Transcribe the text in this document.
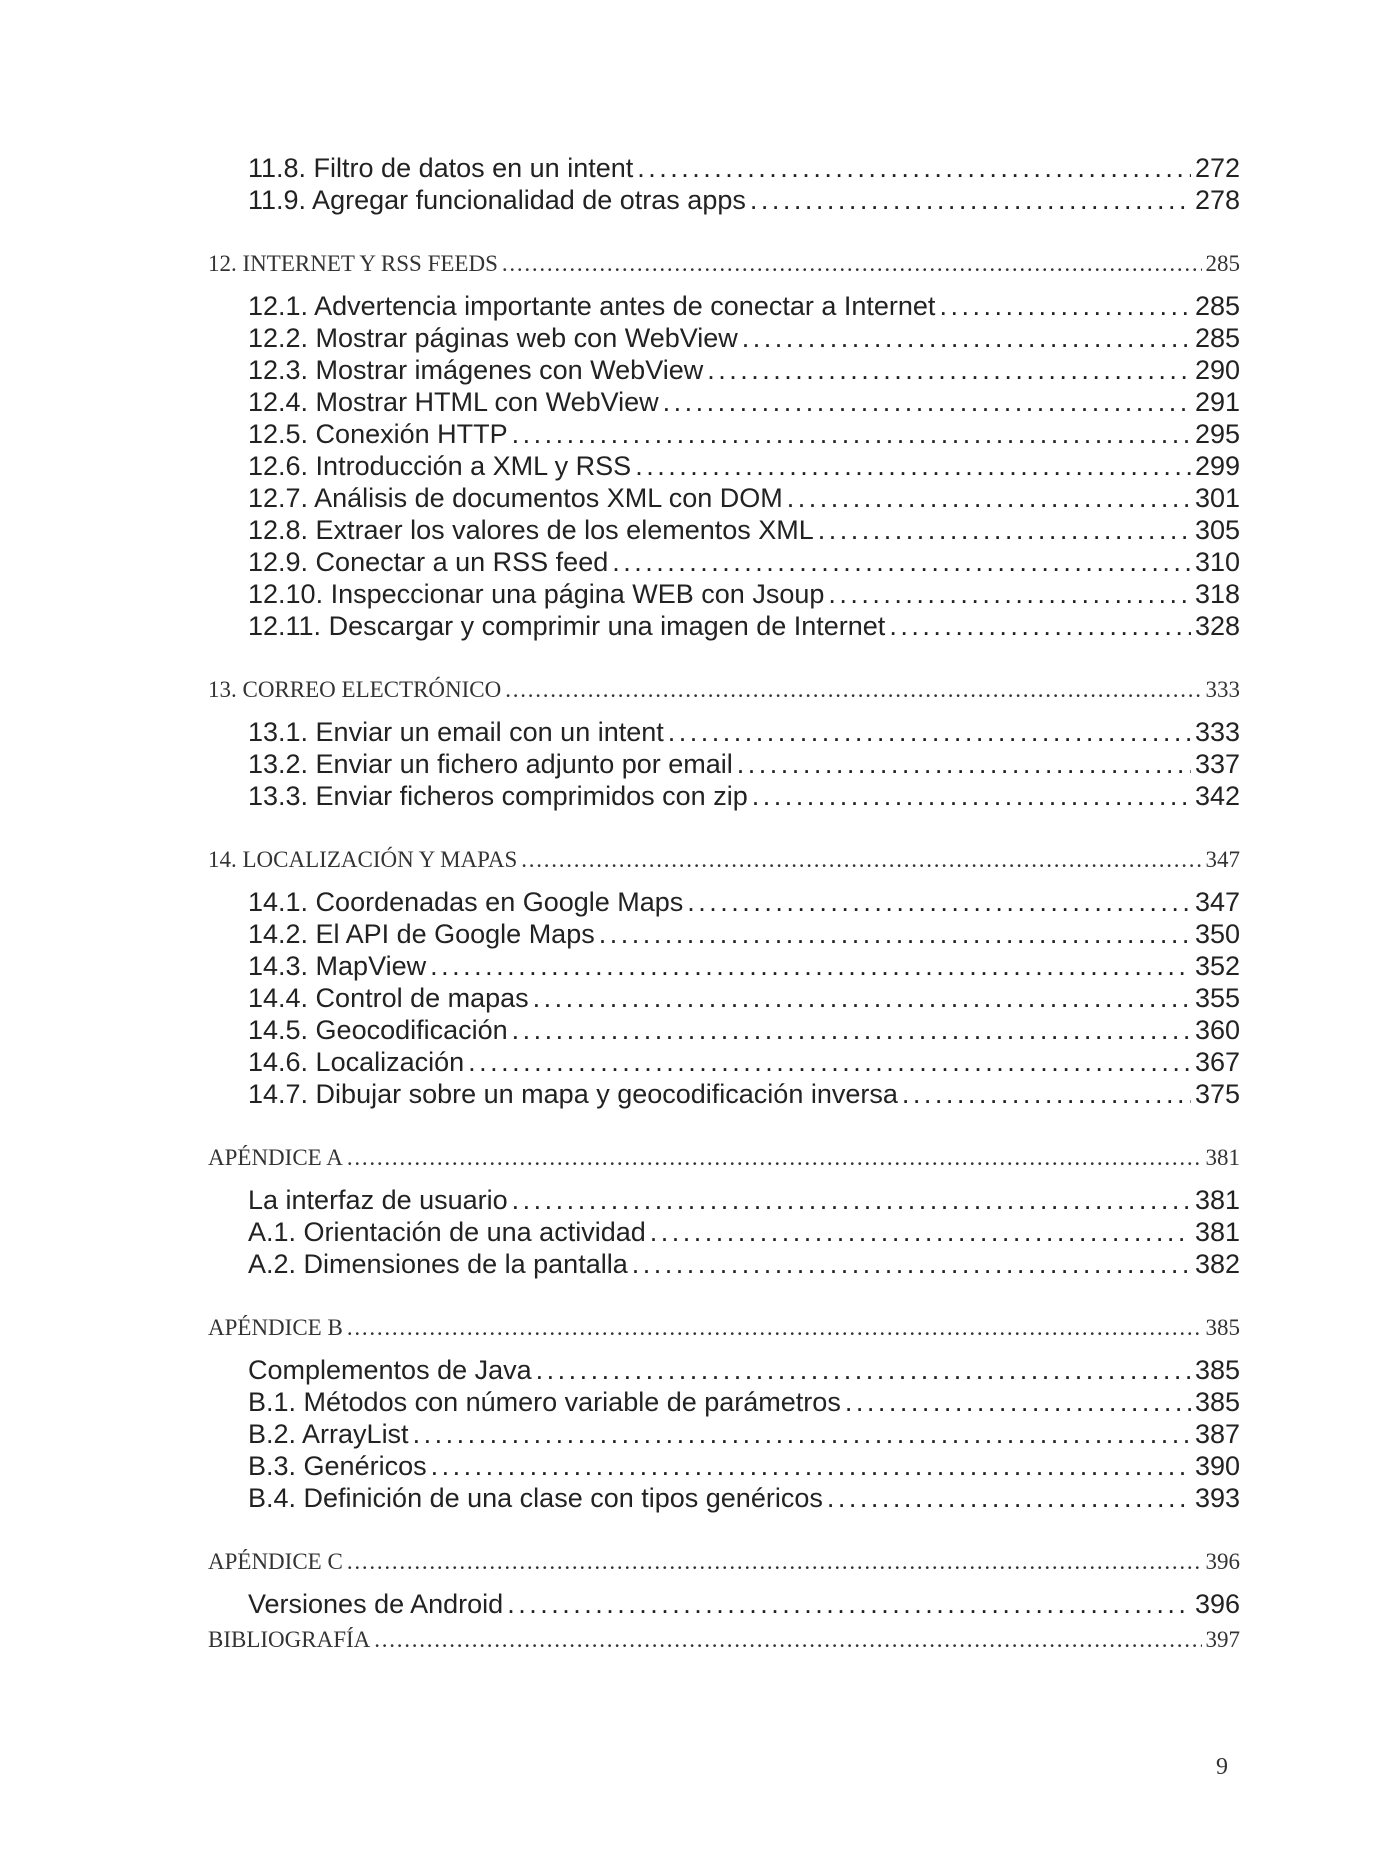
11.8. Filtro de datos en un intent . . .	272
11.9. Agregar funcionalidad de otras apps . . .	278
12. INTERNET Y RSS FEEDS . . .	285
12.1. Advertencia importante antes de conectar a Internet . . .	285
12.2. Mostrar páginas web con WebView . . .	285
12.3. Mostrar imágenes con WebView . . .	290
12.4. Mostrar HTML con WebView . . .	291
12.5. Conexión HTTP . . .	295
12.6. Introducción a XML y RSS . . .	299
12.7. Análisis de documentos XML con DOM . . .	301
12.8. Extraer los valores de los elementos XML . . .	305
12.9. Conectar a un RSS feed . . .	310
12.10. Inspeccionar una página WEB con Jsoup . . .	318
12.11. Descargar y comprimir una imagen de Internet . . .	328
13. CORREO ELECTRÓNICO . . .	333
13.1. Enviar un email con un intent . . .	333
13.2. Enviar un fichero adjunto por email . . .	337
13.3. Enviar ficheros comprimidos con zip . . .	342
14. LOCALIZACIÓN Y MAPAS . . .	347
14.1. Coordenadas en Google Maps . . .	347
14.2. El API de Google Maps . . .	350
14.3. MapView . . .	352
14.4. Control de mapas . . .	355
14.5. Geocodificación . . .	360
14.6. Localización . . .	367
14.7. Dibujar sobre un mapa y geocodificación inversa . . .	375
APÉNDICE A . . .	381
La interfaz de usuario . . .	381
A.1. Orientación de una actividad . . .	381
A.2. Dimensiones de la pantalla . . .	382
APÉNDICE B . . .	385
Complementos de Java . . .	385
B.1. Métodos con número variable de parámetros . . .	385
B.2. ArrayList . . .	387
B.3. Genéricos . . .	390
B.4. Definición de una clase con tipos genéricos . . .	393
APÉNDICE C . . .	396
Versiones de Android . . .	396
BIBLIOGRAFÍA . . .	397
9
